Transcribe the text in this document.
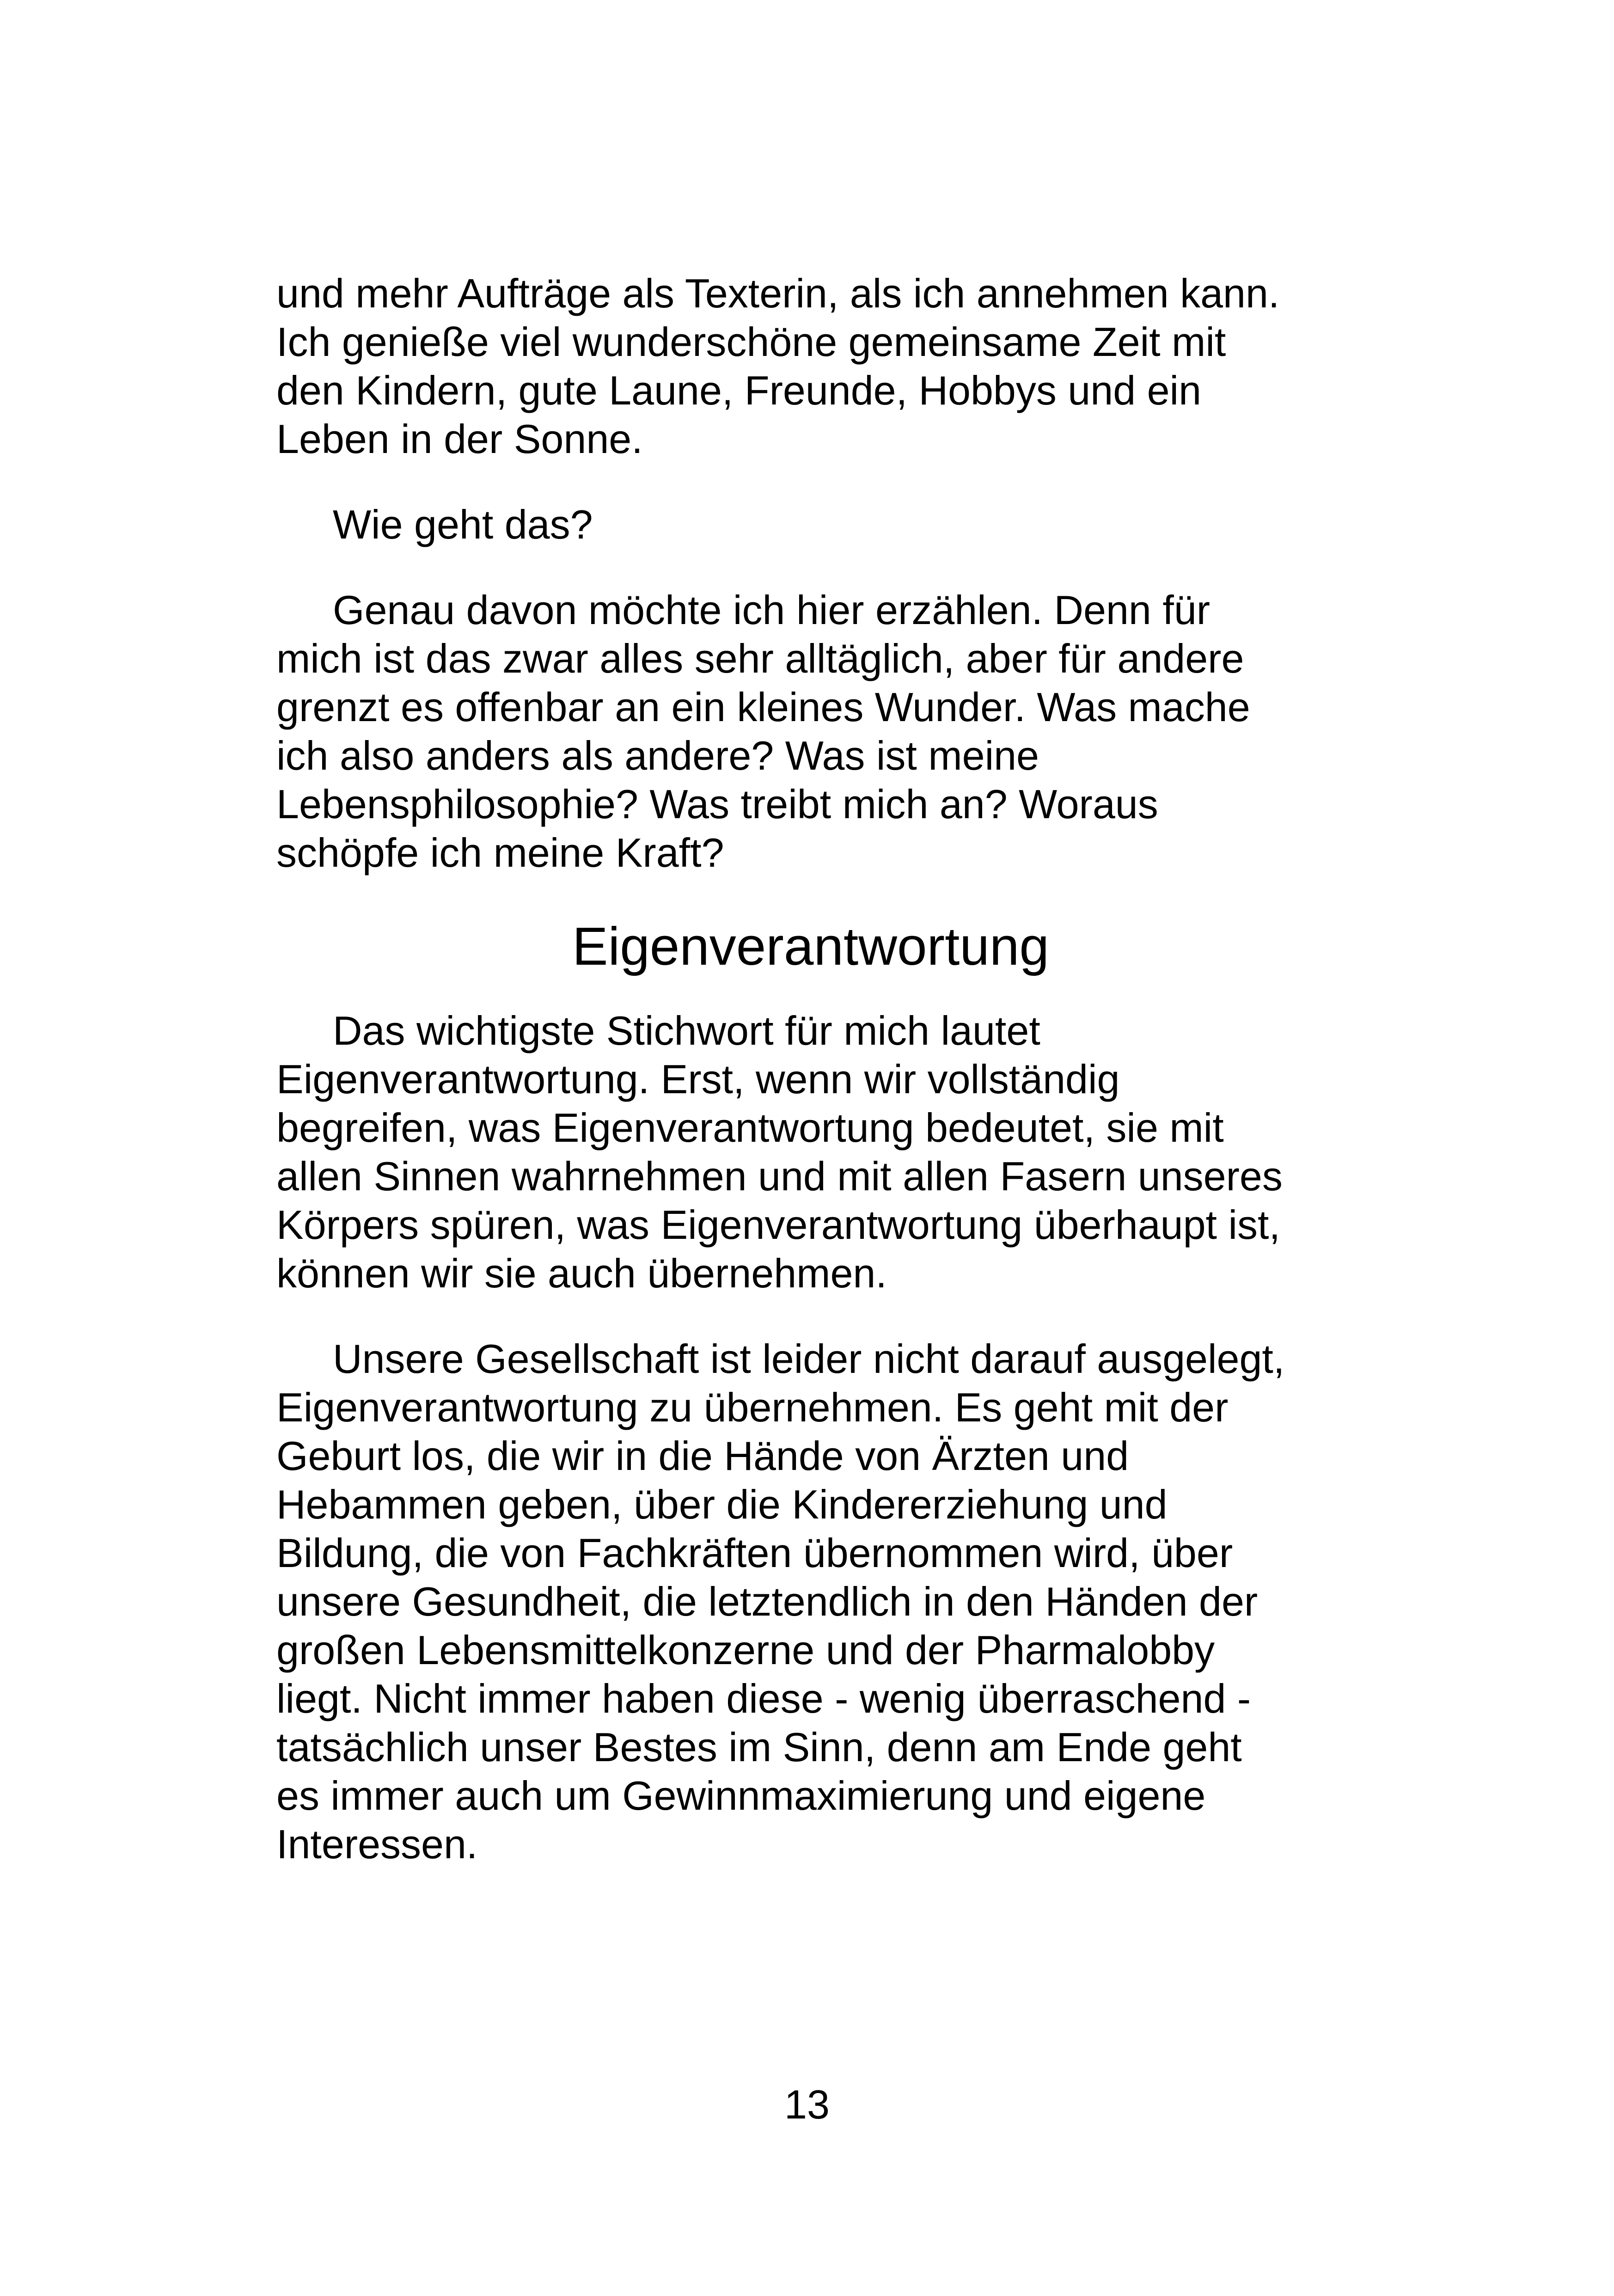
und mehr Aufträge als Texterin, als ich annehmen kann.
Ich genieße viel wunderschöne gemeinsame Zeit mit
den Kindern, gute Laune, Freunde, Hobbys und ein
Leben in der Sonne.
Wie geht das?
Genau davon möchte ich hier erzählen. Denn für
mich ist das zwar alles sehr alltäglich, aber für andere
grenzt es offenbar an ein kleines Wunder. Was mache
ich also anders als andere? Was ist meine
Lebensphilosophie? Was treibt mich an? Woraus
schöpfe ich meine Kraft?
Eigenverantwortung
Das wichtigste Stichwort für mich lautet
Eigenverantwortung. Erst, wenn wir vollständig
begreifen, was Eigenverantwortung bedeutet, sie mit
allen Sinnen wahrnehmen und mit allen Fasern unseres
Körpers spüren, was Eigenverantwortung überhaupt ist,
können wir sie auch übernehmen.
Unsere Gesellschaft ist leider nicht darauf ausgelegt,
Eigenverantwortung zu übernehmen. Es geht mit der
Geburt los, die wir in die Hände von Ärzten und
Hebammen geben, über die Kindererziehung und
Bildung, die von Fachkräften übernommen wird, über
unsere Gesundheit, die letztendlich in den Händen der
großen Lebensmittelkonzerne und der Pharmalobby
liegt. Nicht immer haben diese - wenig überraschend -
tatsächlich unser Bestes im Sinn, denn am Ende geht
es immer auch um Gewinnmaximierung und eigene
Interessen.
13
